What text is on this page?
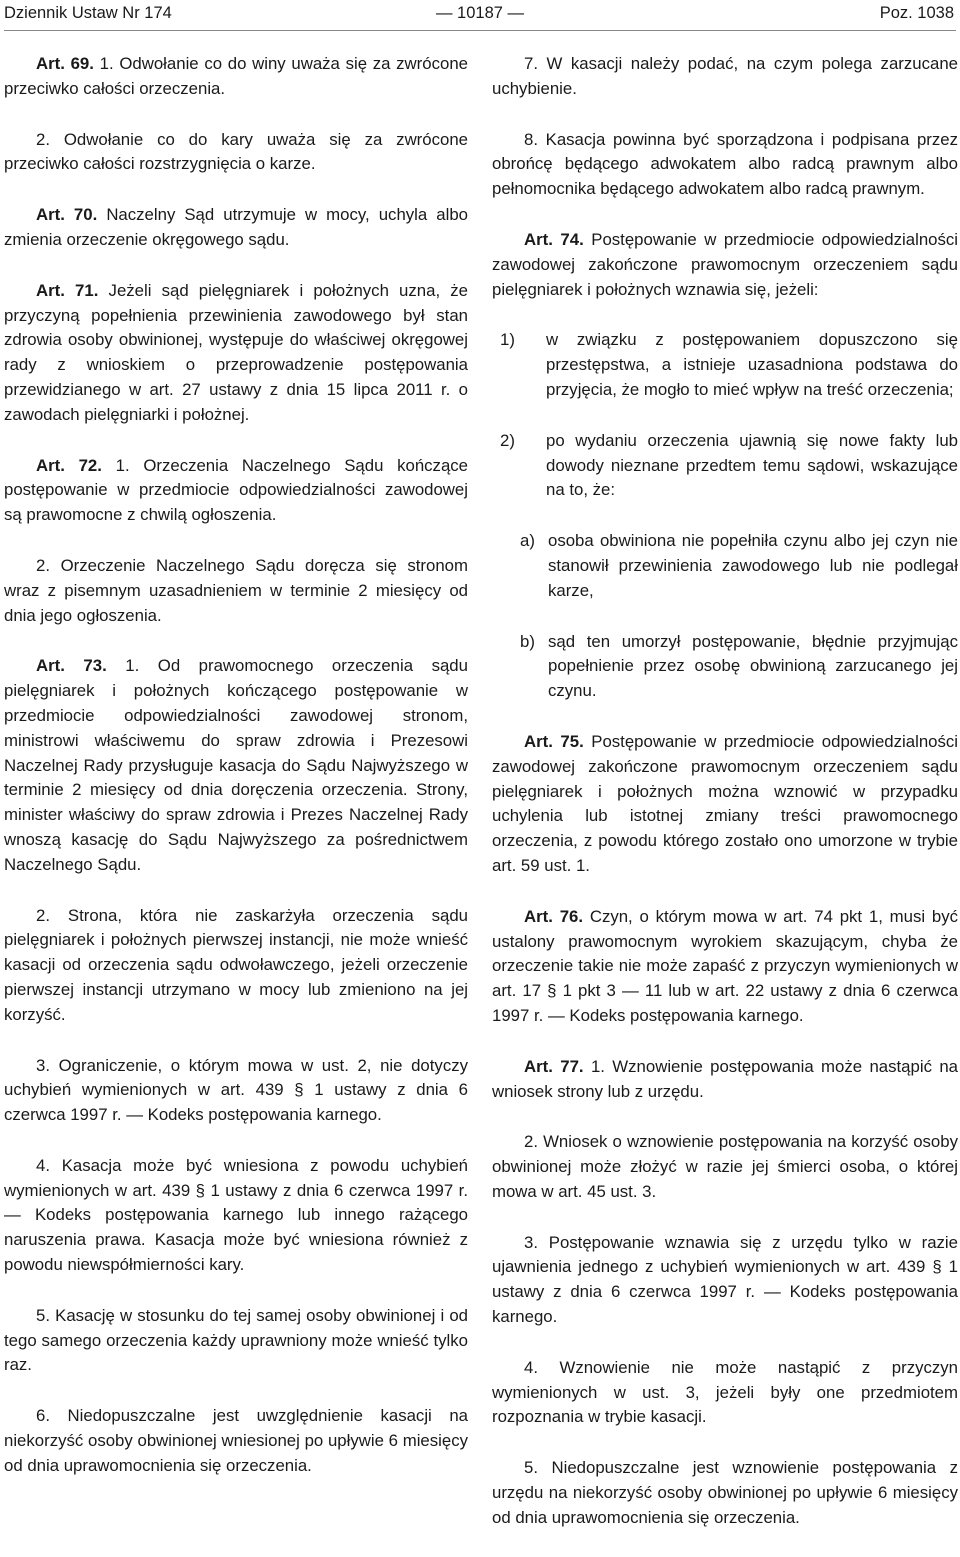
Dziennik Ustaw Nr 174	— 10187 —	Poz. 1038

Art. 69. 1. Odwołanie co do winy uważa się za zwrócone przeciwko całości orzeczenia.

2. Odwołanie co do kary uważa się za zwrócone przeciwko całości rozstrzygnięcia o karze.

Art. 70. Naczelny Sąd utrzymuje w mocy, uchyla albo zmienia orzeczenie okręgowego sądu.

Art. 71. Jeżeli sąd pielęgniarek i położnych uzna, że przyczyną popełnienia przewinienia zawodowego był stan zdrowia osoby obwinionej, występuje do właściwej okręgowej rady z wnioskiem o przeprowadzenie postępowania przewidzianego w art. 27 ustawy z dnia 15 lipca 2011 r. o zawodach pielęgniarki i położnej.

Art. 72. 1. Orzeczenia Naczelnego Sądu kończące postępowanie w przedmiocie odpowiedzialności zawodowej są prawomocne z chwilą ogłoszenia.

2. Orzeczenie Naczelnego Sądu doręcza się stronom wraz z pisemnym uzasadnieniem w terminie 2 miesięcy od dnia jego ogłoszenia.

Art. 73. 1. Od prawomocnego orzeczenia sądu pielęgniarek i położnych kończącego postępowanie w przedmiocie odpowiedzialności zawodowej stronom, ministrowi właściwemu do spraw zdrowia i Prezesowi Naczelnej Rady przysługuje kasacja do Sądu Najwyższego w terminie 2 miesięcy od dnia doręczenia orzeczenia. Strony, minister właściwy do spraw zdrowia i Prezes Naczelnej Rady wnoszą kasację do Sądu Najwyższego za pośrednictwem Naczelnego Sądu.

2. Strona, która nie zaskarżyła orzeczenia sądu pielęgniarek i położnych pierwszej instancji, nie może wnieść kasacji od orzeczenia sądu odwoławczego, jeżeli orzeczenie pierwszej instancji utrzymano w mocy lub zmieniono na jej korzyść.

3. Ograniczenie, o którym mowa w ust. 2, nie dotyczy uchybień wymienionych w art. 439 § 1 ustawy z dnia 6 czerwca 1997 r. — Kodeks postępowania karnego.

4. Kasacja może być wniesiona z powodu uchybień wymienionych w art. 439 § 1 ustawy z dnia 6 czerwca 1997 r. — Kodeks postępowania karnego lub innego rażącego naruszenia prawa. Kasacja może być wniesiona również z powodu niewspółmierności kary.

5. Kasację w stosunku do tej samej osoby obwinionej i od tego samego orzeczenia każdy uprawniony może wnieść tylko raz.

6. Niedopuszczalne jest uwzględnienie kasacji na niekorzyść osoby obwinionej wniesionej po upływie 6 miesięcy od dnia uprawomocnienia się orzeczenia.

7. W kasacji należy podać, na czym polega zarzucane uchybienie.

8. Kasacja powinna być sporządzona i podpisana przez obrońcę będącego adwokatem albo radcą prawnym albo pełnomocnika będącego adwokatem albo radcą prawnym.

Art. 74. Postępowanie w przedmiocie odpowiedzialności zawodowej zakończone prawomocnym orzeczeniem sądu pielęgniarek i położnych wznawia się, jeżeli:

1) w związku z postępowaniem dopuszczono się przestępstwa, a istnieje uzasadniona podstawa do przyjęcia, że mogło to mieć wpływ na treść orzeczenia;
2) po wydaniu orzeczenia ujawnią się nowe fakty lub dowody nieznane przedtem temu sądowi, wskazujące na to, że:
a) osoba obwiniona nie popełniła czynu albo jej czyn nie stanowił przewinienia zawodowego lub nie podlegał karze,
b) sąd ten umorzył postępowanie, błędnie przyjmując popełnienie przez osobę obwinioną zarzucanego jej czynu.

Art. 75. Postępowanie w przedmiocie odpowiedzialności zawodowej zakończone prawomocnym orzeczeniem sądu pielęgniarek i położnych można wznowić w przypadku uchylenia lub istotnej zmiany treści prawomocnego orzeczenia, z powodu którego zostało ono umorzone w trybie art. 59 ust. 1.

Art. 76. Czyn, o którym mowa w art. 74 pkt 1, musi być ustalony prawomocnym wyrokiem skazującym, chyba że orzeczenie takie nie może zapaść z przyczyn wymienionych w art. 17 § 1 pkt 3 — 11 lub w art. 22 ustawy z dnia 6 czerwca 1997 r. — Kodeks postępowania karnego.

Art. 77. 1. Wznowienie postępowania może nastąpić na wniosek strony lub z urzędu.

2. Wniosek o wznowienie postępowania na korzyść osoby obwinionej może złożyć w razie jej śmierci osoba, o której mowa w art. 45 ust. 3.

3. Postępowanie wznawia się z urzędu tylko w razie ujawnienia jednego z uchybień wymienionych w art. 439 § 1 ustawy z dnia 6 czerwca 1997 r. — Kodeks postępowania karnego.

4. Wznowienie nie może nastąpić z przyczyn wymienionych w ust. 3, jeżeli były one przedmiotem rozpoznania w trybie kasacji.

5. Niedopuszczalne jest wznowienie postępowania z urzędu na niekorzyść osoby obwinionej po upływie 6 miesięcy od dnia uprawomocnienia się orzeczenia.
